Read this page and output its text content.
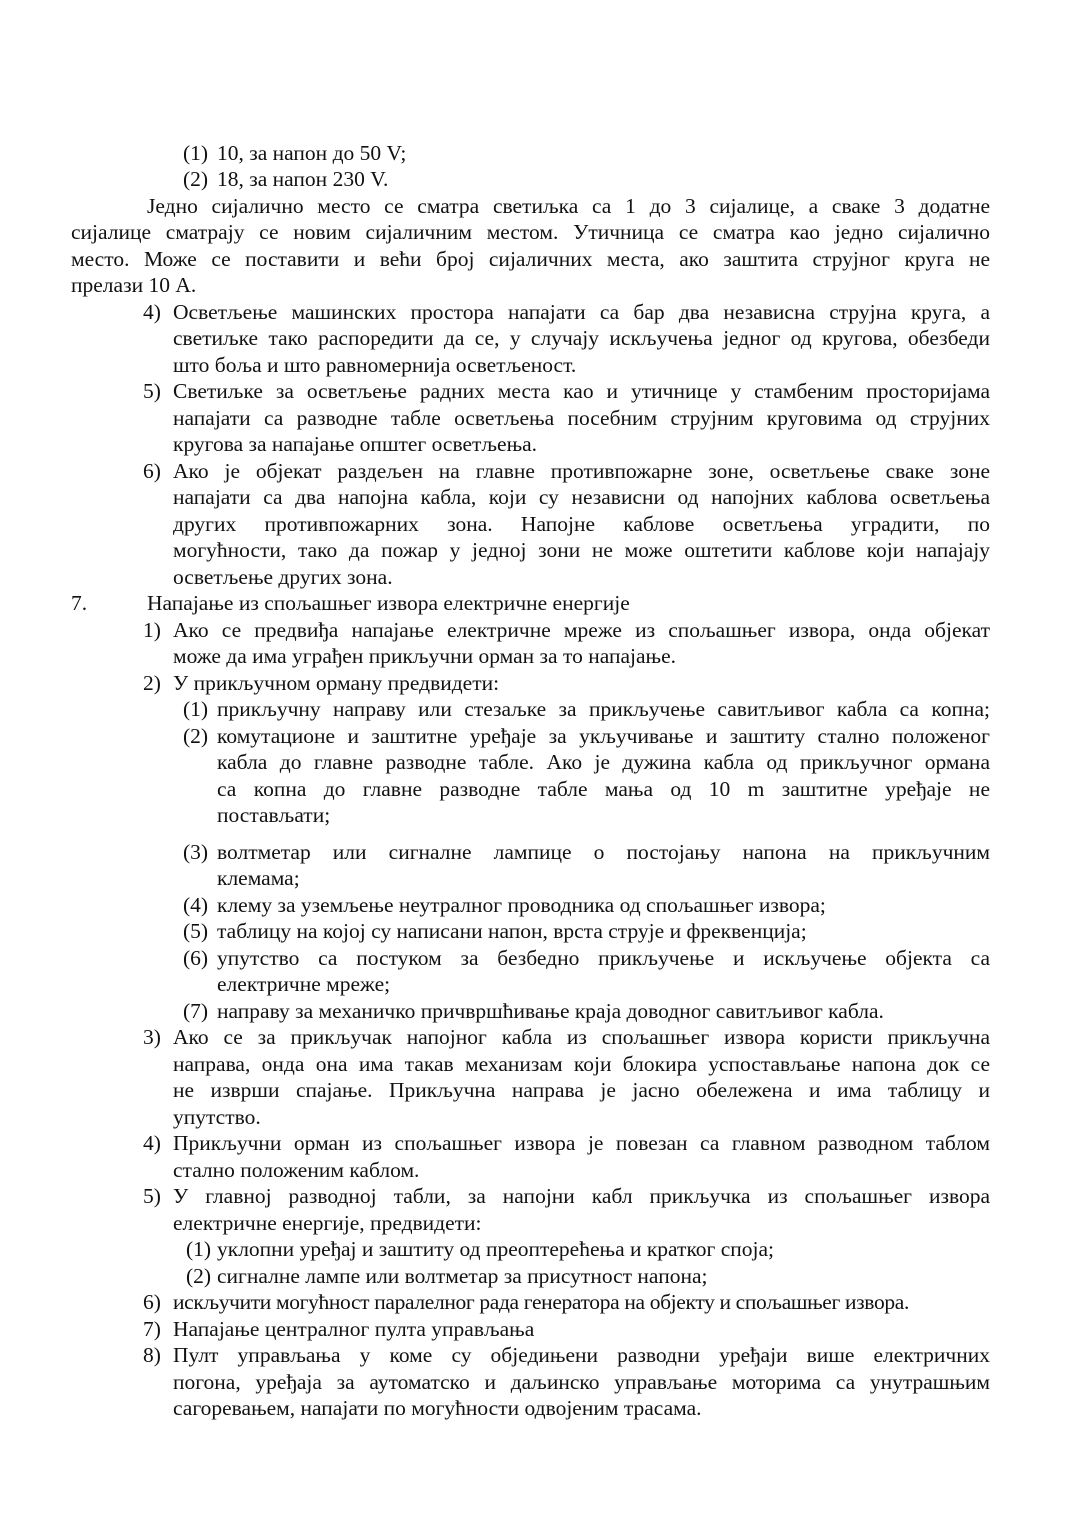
(1) 10, за напон до 50 V;
(2) 18, за напон 230 V.
Једно сијалично место се сматра светиљка са 1 до 3 сијалице, а сваке 3 додатне
сијалице сматрају се новим сијаличним местом. Утичница се сматра као једно сијалично
место. Може се поставити и већи број сијаличних места, ако заштита струјног круга не
прелази 10 А.
4) Осветљење машинских простора напајати са бар два независна струјна круга, а
светиљке тако распоредити да се, у случају искључења једног од кругова, обезбеди
што боља и што равномернија осветљеност.
5) Светиљке за осветљење радних места као и утичнице у стамбеним просторијама
напајати са разводне табле осветљења посебним струјним круговима од струјних
кругова за напајање општег осветљења.
6) Ако је објекат раздељен на главне противпожарне зоне, осветљење сваке зоне
напајати са два напојна кабла, који су независни од напојних каблова осветљења
других противпожарних зона. Напојне каблове осветљења уградити, по
могућности, тако да пожар у једној зони не може оштетити каблове који напајају
осветљење других зона.
7.	Напајање из спољашњег извора електричне енергије
1) Ако се предвиђа напајање електричне мреже из спољашњег извора, онда објекат
може да има уграђен прикључни орман за то напајање.
2) У прикључном орману предвидети:
(1) прикључну направу или стезаљке за прикључење савитљивог кабла са копна;
(2) комутационе и заштитне уређаје за укључивање и заштиту стално положеног
кабла до главне разводне табле. Ако је дужина кабла од прикључног ормана
са копна до главне разводне табле мања од 10 m заштитне уређаје не
постављати;
(3) волтметар или сигналне лампице о постојању напона на прикључним
клемама;
(4) клему за уземљење неутралног проводника од спољашњег извора;
(5) таблицу на којој су написани напон, врста струје и фреквенција;
(6) упутство са постуком за безбедно прикључење и искључење објекта са
електричне мреже;
(7) направу за механичко причвршћивање краја доводног савитљивог кабла.
3) Ако се за прикључак напојног кабла из спољашњег извора користи прикључна
направа, онда она има такав механизам који блокира успостављање напона док се
не изврши спајање. Прикључна направа је јасно обележена и има таблицу и
упутство.
4) Прикључни орман из спољашњег извора је повезан са главном разводном таблом
стално положеним каблом.
5) У главној разводној табли, за напојни кабл прикључка из спољашњег извора
електричне енергије, предвидети:
(1) уклопни уређај и заштиту од преоптерећења и кратког споја;
(2) сигналне лампе или волтметар за присутност напона;
6) искључити могућност паралелног рада генератора на објекту и спољашњег извора.
7) Напајање централног пулта управљања
8) Пулт управљања у коме су обједињени разводни уређаји више електричних
погона, уређаја за аутоматско и даљинско управљање моторима са унутрашњим
сагоревањем, напајати по могућности одвојеним трасама.
